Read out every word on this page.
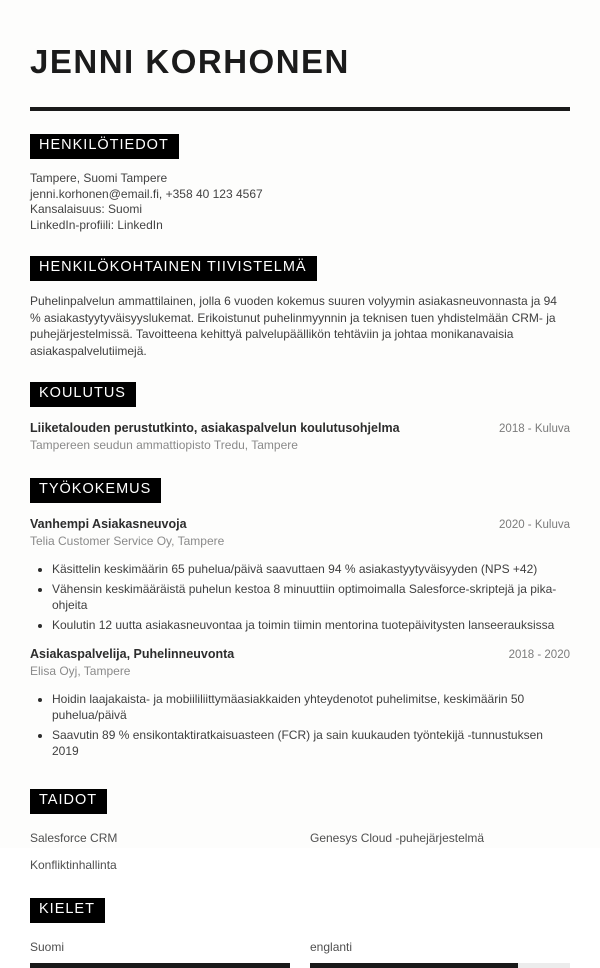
JENNI KORHONEN
HENKILÖTIEDOT
Tampere, Suomi Tampere
jenni.korhonen@email.fi, +358 40 123 4567
Kansalaisuus: Suomi
LinkedIn-profiili: LinkedIn
HENKILÖKOHTAINEN TIIVISTELMÄ

Puhelinpalvelun ammattilainen, jolla 6 vuoden kokemus suuren volyymin asiakasneuvonnasta ja 94 % asiakastyytyväisyyslukemat. Erikoistunut puhelinmyynnin ja teknisen tuen yhdistelmään CRM- ja puhejärjestelmissä. Tavoitteena kehittyä palvelupäällikön tehtäviin ja johtaa monikanavaisia asiakaspalvelutiimejä.

KOULUTUS
Liiketalouden perustutkinto, asiakaspalvelun koulutusohjelma	2018 - Kuluva
Tampereen seudun ammattiopisto Tredu, Tampere
TYÖKOKEMUS
Vanhempi Asiakasneuvoja	2020 - Kuluva
Telia Customer Service Oy, Tampere
• Käsittelin keskimäärin 65 puhelua/päivä saavuttaen 94 % asiakastyytyväisyyden (NPS +42)
• Vähensin keskimääräistä puhelun kestoa 8 minuuttiin optimoimalla Salesforce-skriptejä ja pika-ohjeita
• Koulutin 12 uutta asiakasneuvontaa ja toimin tiimin mentorina tuotepäivitysten lanseerauksissa
Asiakaspalvelija, Puhelinneuvonta	2018 - 2020
Elisa Oyj, Tampere
• Hoidin laajakaista- ja mobiililiittymäasiakkaiden yhteydenotot puhelimitse, keskimäärin 50 puhelua/päivä
• Saavutin 89 % ensikontaktiratkaisuasteen (FCR) ja sain kuukauden työntekijä -tunnustuksen 2019
TAIDOT
Salesforce CRM	Genesys Cloud -puhejärjestelmä
Konfliktinhallinta
KIELET
Suomi	englanti
